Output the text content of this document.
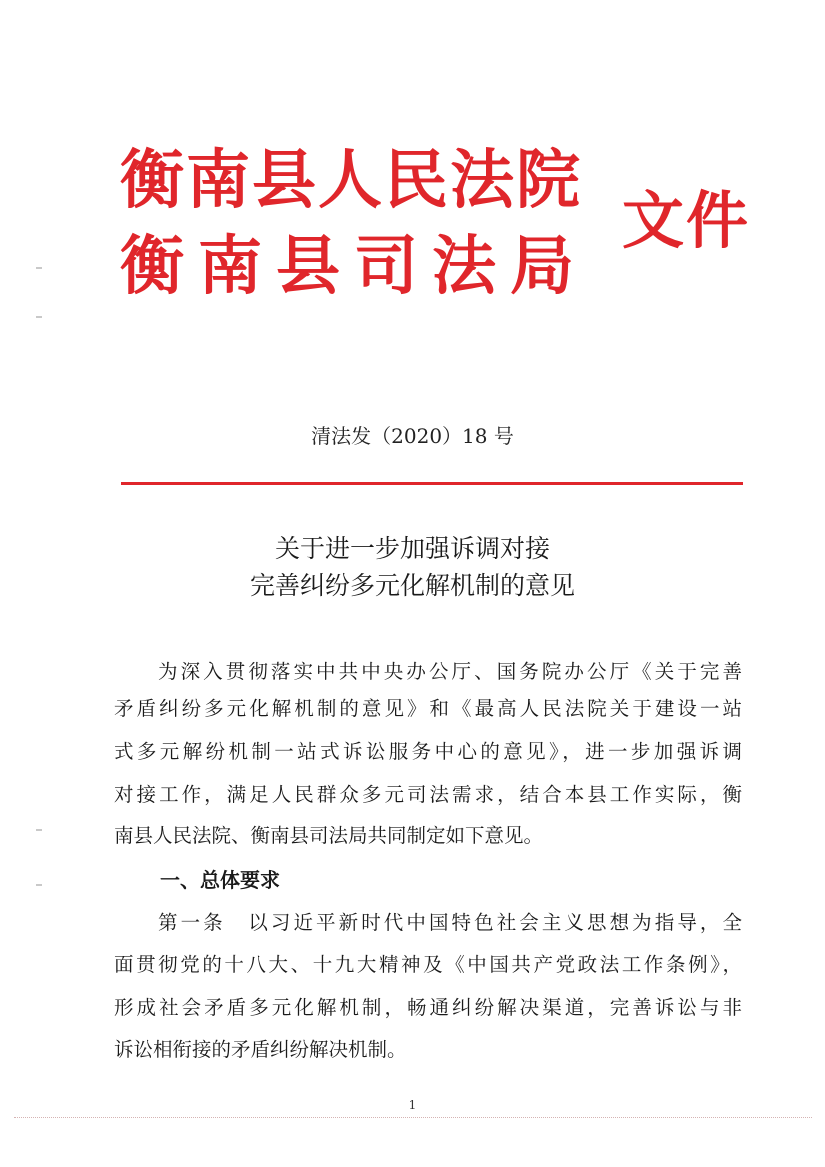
衡南县人民法院
衡南县司法局
文件
清法发（2020）18 号
关于进一步加强诉调对接
完善纠纷多元化解机制的意见
为深入贯彻落实中共中央办公厅、国务院办公厅《关于完善
矛盾纠纷多元化解机制的意见》和《最高人民法院关于建设一站
式多元解纷机制一站式诉讼服务中心的意见》，进一步加强诉调
对接工作，满足人民群众多元司法需求，结合本县工作实际，衡
南县人民法院、衡南县司法局共同制定如下意见。
一、总体要求
第一条　以习近平新时代中国特色社会主义思想为指导，全
面贯彻党的十八大、十九大精神及《中国共产党政法工作条例》，
形成社会矛盾多元化解机制，畅通纠纷解决渠道，完善诉讼与非
诉讼相衔接的矛盾纠纷解决机制。
1
